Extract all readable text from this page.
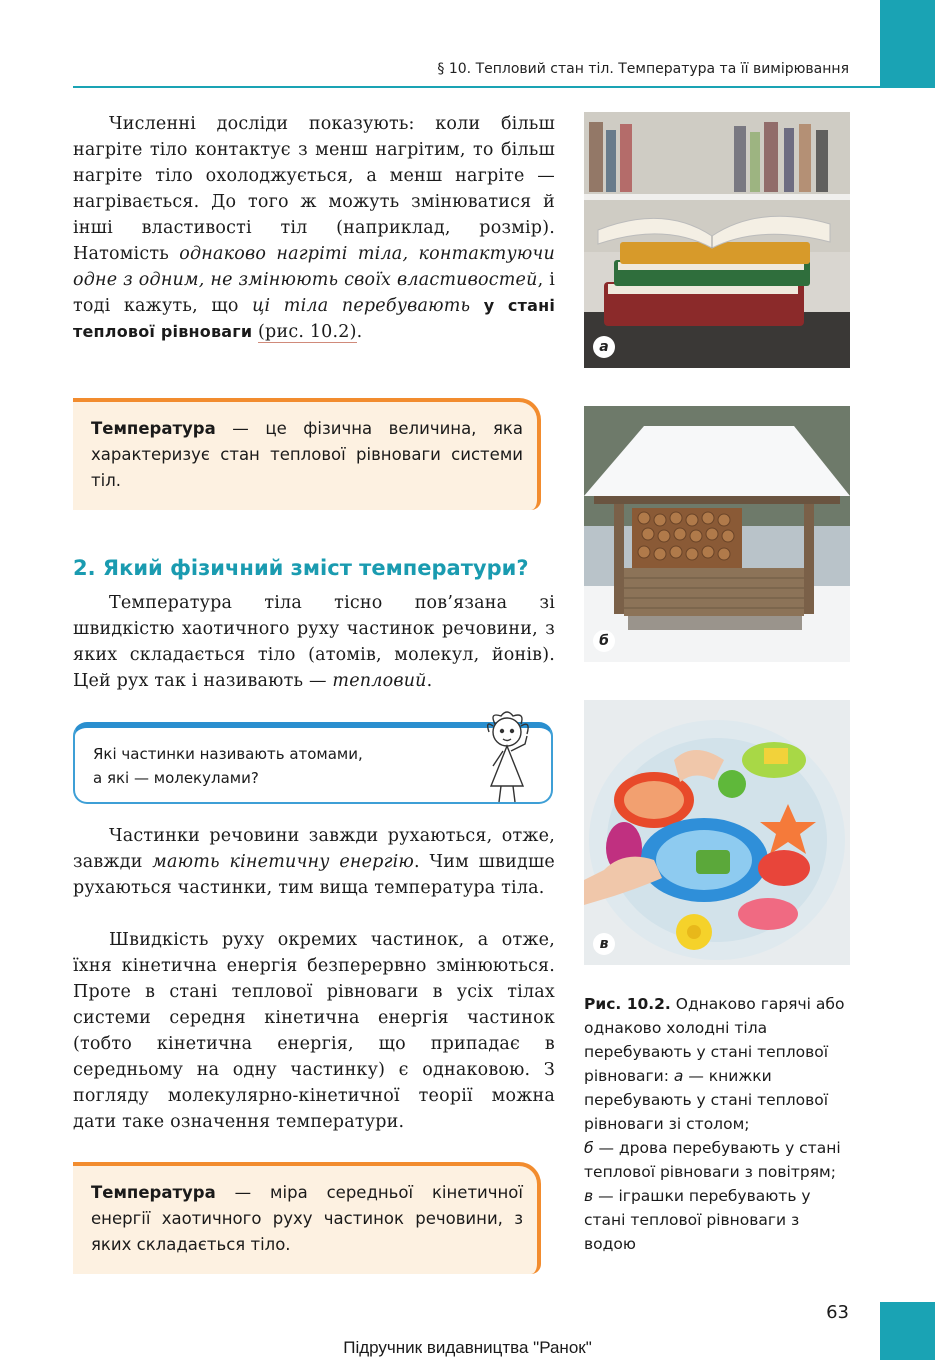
§ 10. Тепловий стан тіл. Температура та її вимірювання

Численні досліди показують: коли більш нагріте тіло контактує з менш нагрітим, то більш нагріте тіло охолоджується, а менш нагріте — нагрівається. До того ж можуть змінюватися й інші властивості тіл (наприклад, розмір). Натомість однаково нагріті тіла, контактуючи одне з одним, не змінюють своїх властивостей, і тоді кажуть, що ці тіла перебувають у стані теплової рівноваги (рис. 10.2).

Температура — це фізична величина, яка характеризує стан теплової рівноваги системи тіл.
2. Який фізичний зміст температури?

Температура тіла тісно пов’язана зі швидкістю хаотичного руху частинок речовини, з яких складається тіло (атомів, молекул, йонів). Цей рух так і називають — тепловий.

Які частинки називають атомами,
а які — молекулами?

Частинки речовини завжди рухаються, отже, завжди мають кінетичну енергію. Чим швидше рухаються частинки, тим вища температура тіла.

Швидкість руху окремих частинок, а отже, їхня кінетична енергія безперервно змінюються. Проте в стані теплової рівноваги в усіх тілах системи середня кінетична енергія частинок (тобто кінетична енергія, що припадає в середньому на одну частинку) є однаковою. З погляду молекулярно-кінетичної теорії можна дати таке означення температури.

Температура — міра середньої кінетичної енергії хаотичного руху частинок речовини, з яких складається тіло.
а
б
в
Рис. 10.2. Однаково гарячі або однаково холодні тіла перебувають у стані теплової рівноваги: а — книжки перебувають у стані теплової рівноваги зі столом;
б — дрова перебувають у стані теплової рівноваги з повітрям;
в — іграшки перебувають у стані теплової рівноваги з водою
63
Підручник видавництва "Ранок"
